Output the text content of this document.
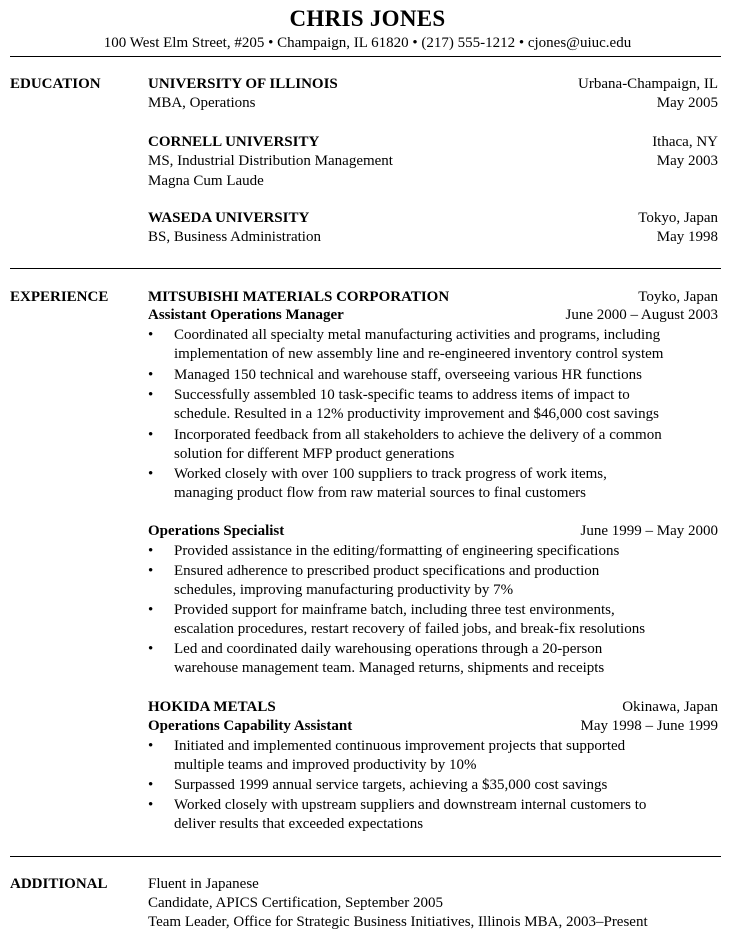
CHRIS JONES
100 West Elm Street, #205 • Champaign, IL 61820 • (217) 555-1212 • cjones@uiuc.edu
EDUCATION	UNIVERSITY OF ILLINOIS	Urbana-Champaign, IL
MBA, Operations	May 2005
CORNELL UNIVERSITY	Ithaca, NY
MS, Industrial Distribution Management	May 2003
Magna Cum Laude
WASEDA UNIVERSITY	Tokyo, Japan
BS, Business Administration	May 1998
EXPERIENCE	MITSUBISHI MATERIALS CORPORATION	Toyko, Japan
Assistant Operations Manager	June 2000 – August 2003
• Coordinated all specialty metal manufacturing activities and programs, including
implementation of new assembly line and re-engineered inventory control system
• Managed 150 technical and warehouse staff, overseeing various HR functions
• Successfully assembled 10 task-specific teams to address items of impact to
schedule. Resulted in a 12% productivity improvement and $46,000 cost savings
• Incorporated feedback from all stakeholders to achieve the delivery of a common
solution for different MFP product generations
• Worked closely with over 100 suppliers to track progress of work items,
managing product flow from raw material sources to final customers
Operations Specialist	June 1999 – May 2000
• Provided assistance in the editing/formatting of engineering specifications
• Ensured adherence to prescribed product specifications and production
schedules, improving manufacturing productivity by 7%
• Provided support for mainframe batch, including three test environments,
escalation procedures, restart recovery of failed jobs, and break-fix resolutions
• Led and coordinated daily warehousing operations through a 20-person
warehouse management team. Managed returns, shipments and receipts
HOKIDA METALS	Okinawa, Japan
Operations Capability Assistant	May 1998 – June 1999
• Initiated and implemented continuous improvement projects that supported
multiple teams and improved productivity by 10%
• Surpassed 1999 annual service targets, achieving a $35,000 cost savings
• Worked closely with upstream suppliers and downstream internal customers to
deliver results that exceeded expectations
ADDITIONAL	Fluent in Japanese
Candidate, APICS Certification, September 2005
Team Leader, Office for Strategic Business Initiatives, Illinois MBA, 2003–Present
